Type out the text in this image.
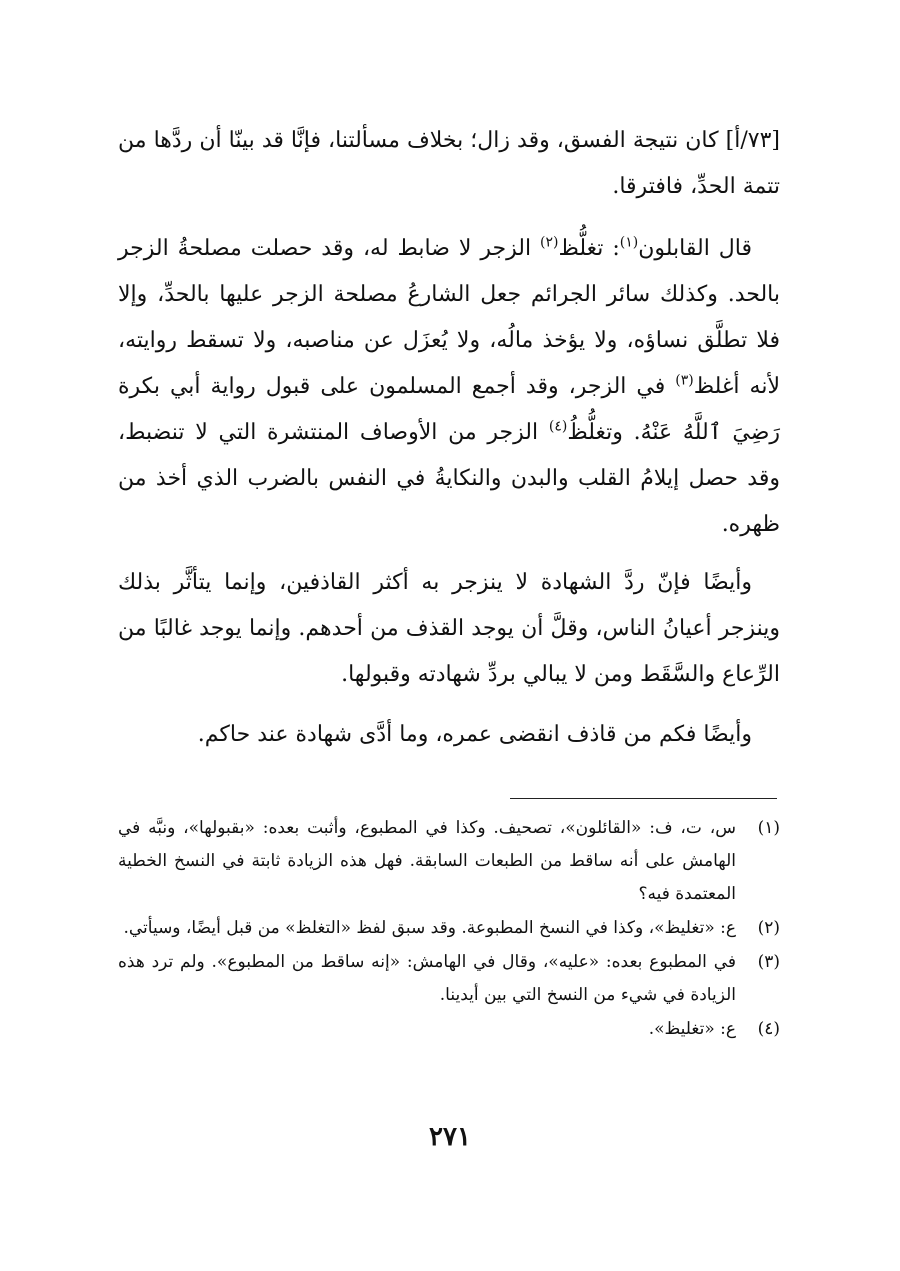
[٧٣/أ] كان نتيجة الفسق، وقد زال؛ بخلاف مسألتنا، فإنَّا قد بينّا أن ردَّها من تتمة الحدِّ، فافترقا.

قال القابلون$^{(١)}$: تغلُّظ$^{(٢)}$ الزجر لا ضابط له، وقد حصلت مصلحةُ الزجر بالحد. وكذلك سائر الجرائم جعل الشارعُ مصلحة الزجر عليها بالحدِّ، وإلا فلا تطلَّق نساؤه، ولا يؤخذ مالُه، ولا يُعزَل عن مناصبه، ولا تسقط روايته، لأنه أغلظ$^{(٣)}$ في الزجر، وقد أجمع المسلمون على قبول رواية أبي بكرة رَضِيَ ٱللَّهُ عَنْهُ. وتغلُّظُ$^{(٤)}$ الزجر من الأوصاف المنتشرة التي لا تنضبط، وقد حصل إيلامُ القلب والبدن والنكايةُ في النفس بالضرب الذي أخذ من ظهره.

وأيضًا فإنّ ردَّ الشهادة لا ينزجر به أكثر القاذفين، وإنما يتأثَّر بذلك وينزجر أعيانُ الناس، وقلَّ أن يوجد القذف من أحدهم. وإنما يوجد غالبًا من الرِّعاع والسَّقَط ومن لا يبالي بردِّ شهادته وقبولها.

وأيضًا فكم من قاذف انقضى عمره، وما أدَّى شهادة عند حاكم.

(١)
س، ت، ف: «القائلون»، تصحيف. وكذا في المطبوع، وأثبت بعده: «بقبولها»، ونبَّه في الهامش على أنه ساقط من الطبعات السابقة. فهل هذه الزيادة ثابتة في النسخ الخطية المعتمدة فيه؟

(٢)
ع: «تغليظ»، وكذا في النسخ المطبوعة. وقد سبق لفظ «التغلظ» من قبل أيضًا، وسيأتي.

(٣)
في المطبوع بعده: «عليه»، وقال في الهامش: «إنه ساقط من المطبوع». ولم ترد هذه الزيادة في شيء من النسخ التي بين أيدينا.

(٤)
ع: «تغليظ».

٢٧١
